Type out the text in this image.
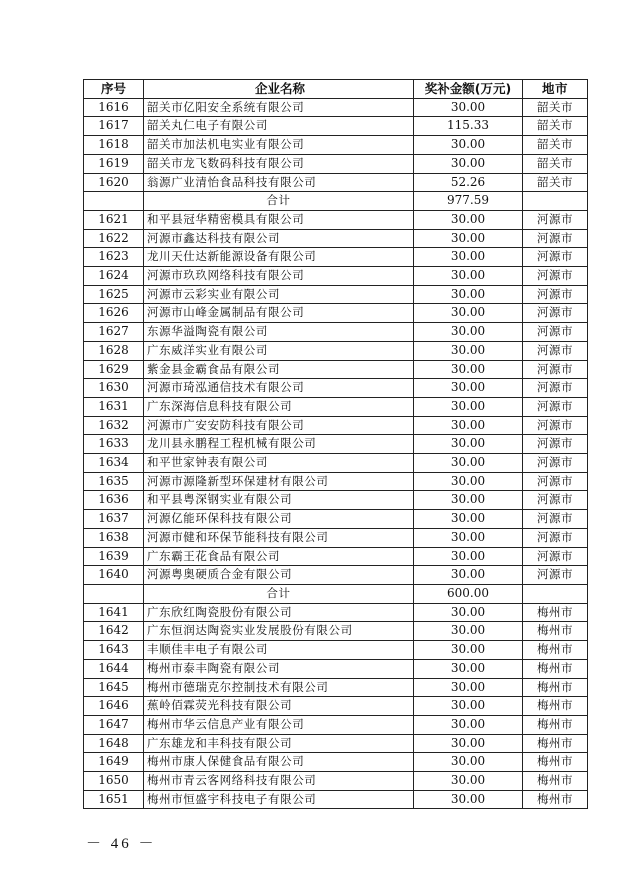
序号	企业名称	奖补金额(万元)	地市
1616	韶关市亿阳安全系统有限公司	30.00	韶关市
1617	韶关丸仁电子有限公司	115.33	韶关市
1618	韶关市加法机电实业有限公司	30.00	韶关市
1619	韶关市龙飞数码科技有限公司	30.00	韶关市
1620	翁源广业清怡食品科技有限公司	52.26	韶关市
	合计	977.59	
1621	和平县冠华精密模具有限公司	30.00	河源市
1622	河源市鑫达科技有限公司	30.00	河源市
1623	龙川天仕达新能源设备有限公司	30.00	河源市
1624	河源市玖玖网络科技有限公司	30.00	河源市
1625	河源市云彩实业有限公司	30.00	河源市
1626	河源市山峰金属制品有限公司	30.00	河源市
1627	东源华溢陶瓷有限公司	30.00	河源市
1628	广东威洋实业有限公司	30.00	河源市
1629	紫金县金霸食品有限公司	30.00	河源市
1630	河源市琦泓通信技术有限公司	30.00	河源市
1631	广东深海信息科技有限公司	30.00	河源市
1632	河源市广安安防科技有限公司	30.00	河源市
1633	龙川县永鹏程工程机械有限公司	30.00	河源市
1634	和平世家钟表有限公司	30.00	河源市
1635	河源市源隆新型环保建材有限公司	30.00	河源市
1636	和平县粤深钢实业有限公司	30.00	河源市
1637	河源亿能环保科技有限公司	30.00	河源市
1638	河源市健和环保节能科技有限公司	30.00	河源市
1639	广东霸王花食品有限公司	30.00	河源市
1640	河源粤奥硬质合金有限公司	30.00	河源市
	合计	600.00	
1641	广东欣红陶瓷股份有限公司	30.00	梅州市
1642	广东恒润达陶瓷实业发展股份有限公司	30.00	梅州市
1643	丰顺佳丰电子有限公司	30.00	梅州市
1644	梅州市泰丰陶瓷有限公司	30.00	梅州市
1645	梅州市德瑞克尔控制技术有限公司	30.00	梅州市
1646	蕉岭佰霖荧光科技有限公司	30.00	梅州市
1647	梅州市华云信息产业有限公司	30.00	梅州市
1648	广东雄龙和丰科技有限公司	30.00	梅州市
1649	梅州市康人保健食品有限公司	30.00	梅州市
1650	梅州市青云客网络科技有限公司	30.00	梅州市
1651	梅州市恒盛宇科技电子有限公司	30.00	梅州市
－ 46 －
